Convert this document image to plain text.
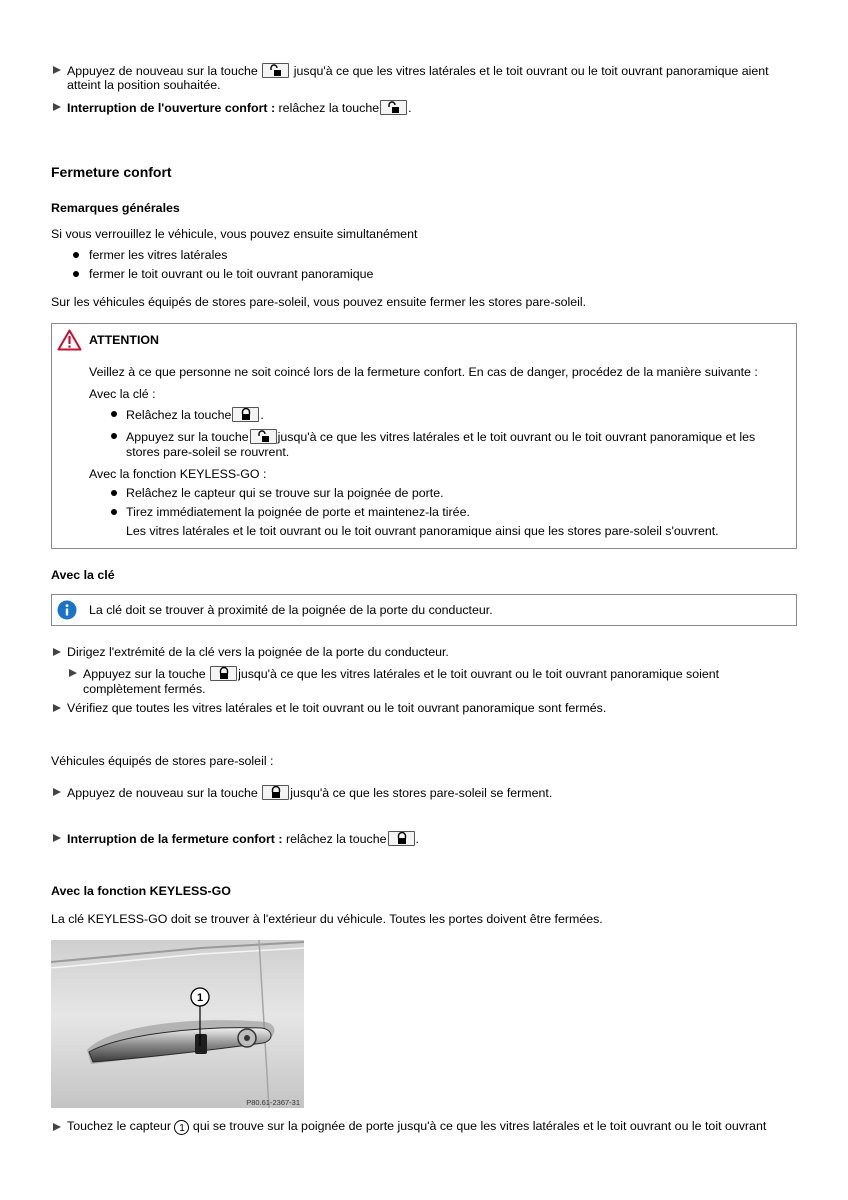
Appuyez de nouveau sur la touche	jusqu'à ce que les vitres latérales et le toit ouvrant ou le toit ouvrant panoramique aient
atteint la position souhaitée.
Interruption de l'ouverture confort : relâchez la touche .
Fermeture confort
Remarques générales
Si vous verrouillez le véhicule, vous pouvez ensuite simultanément
fermer les vitres latérales
fermer le toit ouvrant ou le toit ouvrant panoramique
Sur les véhicules équipés de stores pare-soleil, vous pouvez ensuite fermer les stores pare-soleil.
ATTENTION
Veillez à ce que personne ne soit coincé lors de la fermeture confort. En cas de danger, procédez de la manière suivante :
Avec la clé :
Relâchez la touche .
Appuyez sur la touche jusqu'à ce que les vitres latérales et le toit ouvrant ou le toit ouvrant panoramique et les
stores pare-soleil se rouvrent.
Avec la fonction KEYLESS-GO :
Relâchez le capteur qui se trouve sur la poignée de porte.
Tirez immédiatement la poignée de porte et maintenez-la tirée.
Les vitres latérales et le toit ouvrant ou le toit ouvrant panoramique ainsi que les stores pare-soleil s'ouvrent.
Avec la clé
La clé doit se trouver à proximité de la poignée de la porte du conducteur.
Dirigez l'extrémité de la clé vers la poignée de la porte du conducteur.
Appuyez sur la touche	jusqu'à ce que les vitres latérales et le toit ouvrant ou le toit ouvrant panoramique soient
complètement fermés.
Vérifiez que toutes les vitres latérales et le toit ouvrant ou le toit ouvrant panoramique sont fermés.
Véhicules équipés de stores pare-soleil :
Appuyez de nouveau sur la touche	jusqu'à ce que les stores pare-soleil se ferment.
Interruption de la fermeture confort : relâchez la touche .
Avec la fonction KEYLESS-GO
La clé KEYLESS-GO doit se trouver à l'extérieur du véhicule. Toutes les portes doivent être fermées.
1
P80.61-2367-31
Touchez le capteur 1 qui se trouve sur la poignée de porte jusqu'à ce que les vitres latérales et le toit ouvrant ou le toit ouvrant
